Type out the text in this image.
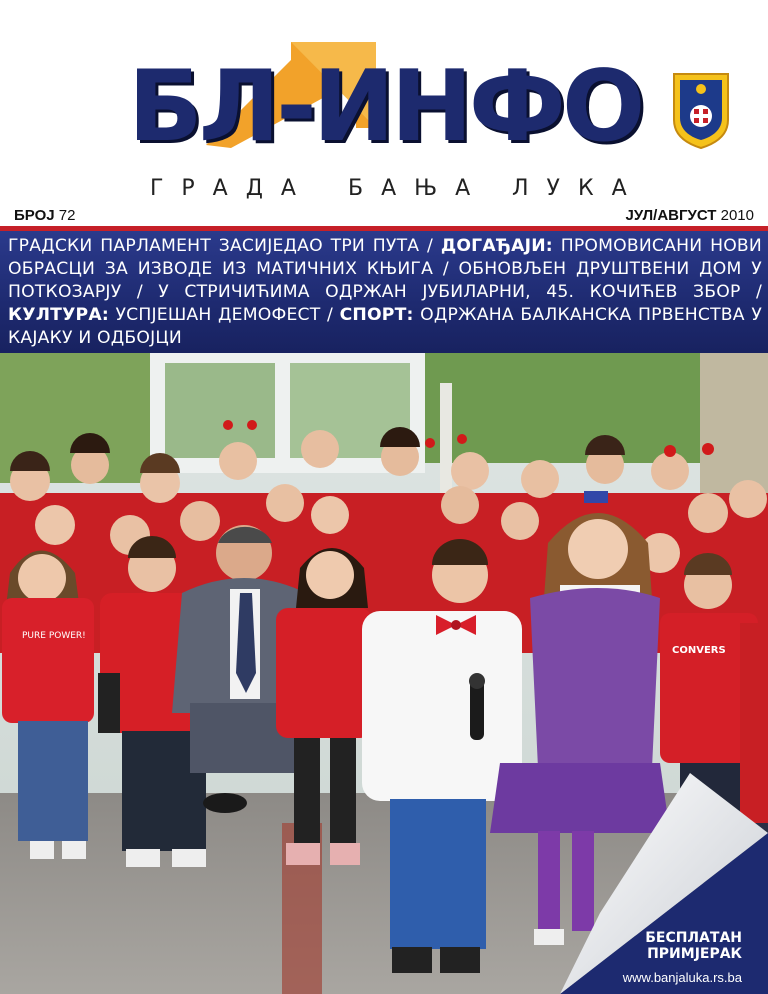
БЛ-ИНФО
ГРАДА БАЊА ЛУКА
БРОЈ 72	ЈУЛ/АВГУСТ 2010
ГРАДСКИ ПАРЛАМЕНТ ЗАСИЈЕДАО ТРИ ПУТА / ДОГАЂАЈИ: ПРОМОВИСАНИ НОВИ ОБРАСЦИ ЗА ИЗВОДЕ ИЗ МАТИЧНИХ КЊИГА / ОБНОВЉЕН ДРУШТВЕНИ ДОМ У ПОТКОЗАРЈУ / У СТРИЧИЋИМА ОДРЖАН ЈУБИЛАРНИ, 45. КОЧИЋЕВ ЗБОР / КУЛТУРА: УСПЈЕШАН ДЕМОФЕСТ / СПОРТ: ОДРЖАНА БАЛКАНСКА ПРВЕНСТВА У КАЈАКУ И ОДБОЈЦИ
PURE POWER!
CONVERS
БЕСПЛАТАН
ПРИМЈЕРАК
www.banjaluka.rs.ba
